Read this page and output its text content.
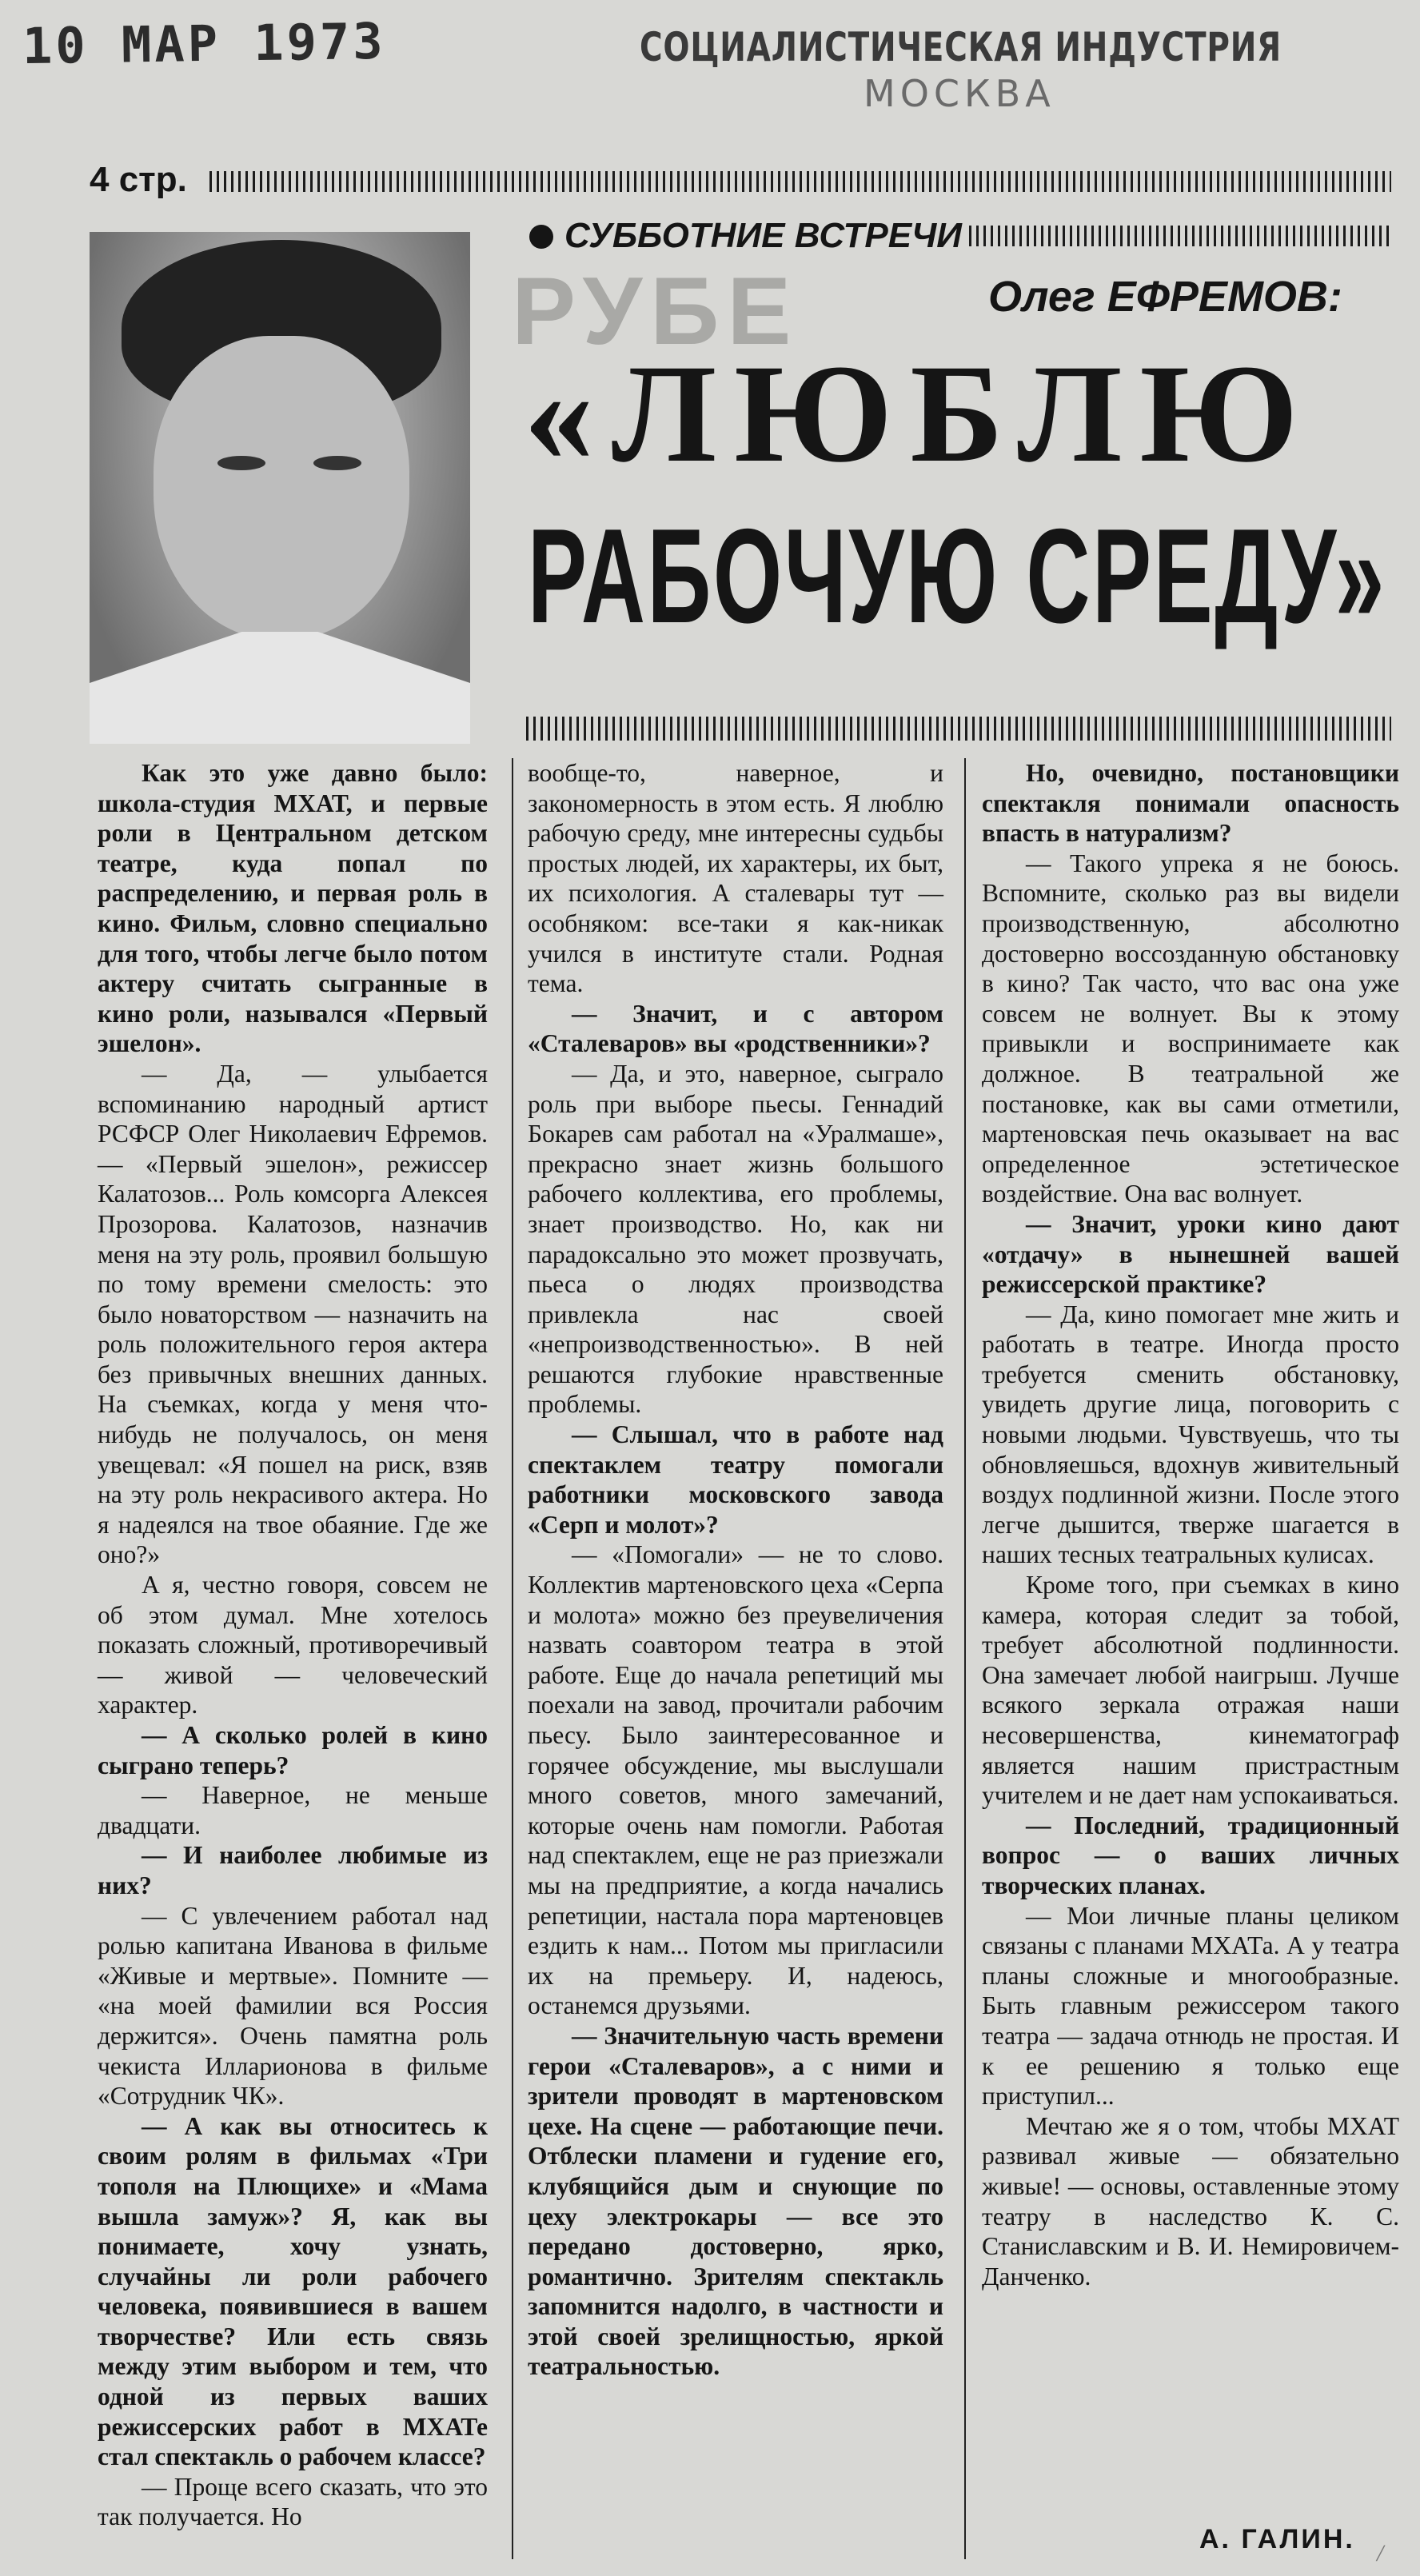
10 МАР 1973	СОЦИАЛИСТИЧЕСКАЯ ИНДУСТРИЯ
МОСКВА
4 стр.
РУБЕ
СУББОТНИЕ ВСТРЕЧИ
Олег ЕФРЕМОВ:
«ЛЮБЛЮ
РАБОЧУЮ СРЕДУ»

Как это уже давно было: школа-студия МХАТ, и первые роли в Центральном детском театре, куда попал по распределению, и первая роль в кино. Фильм, словно специально для того, чтобы легче было потом актеру считать сыгранные в кино роли, назывался «Первый эшелон».

— Да, — улыбается вспоминанию народный артист РСФСР Олег Николаевич Ефремов. — «Первый эшелон», режиссер Калатозов... Роль комсорга Алексея Прозорова. Калатозов, назначив меня на эту роль, проявил большую по тому времени смелость: это было новаторством — назначить на роль положительного героя актера без привычных внешних данных. На съемках, когда у меня что-нибудь не получалось, он меня увещевал: «Я пошел на риск, взяв на эту роль некрасивого актера. Но я надеялся на твое обаяние. Где же оно?»

А я, честно говоря, совсем не об этом думал. Мне хотелось показать сложный, противоречивый — живой — человеческий характер.

— А сколько ролей в кино сыграно теперь?

— Наверное, не меньше двадцати.

— И наиболее любимые из них?

— С увлечением работал над ролью капитана Иванова в фильме «Живые и мертвые». Помните — «на моей фамилии вся Россия держится». Очень памятна роль чекиста Илларионова в фильме «Сотрудник ЧК».

— А как вы относитесь к своим ролям в фильмах «Три тополя на Плющихе» и «Мама вышла замуж»? Я, как вы понимаете, хочу узнать, случайны ли роли рабочего человека, появившиеся в вашем творчестве? Или есть связь между этим выбором и тем, что одной из первых ваших режиссерских работ в МХАТе стал спектакль о рабочем классе?

— Проще всего сказать, что это так получается. Но

вообще-то, наверное, и закономерность в этом есть. Я люблю рабочую среду, мне интересны судьбы простых людей, их характеры, их быт, их психология. А сталевары тут — особняком: все-таки я как-никак учился в институте стали. Родная тема.

— Значит, и с автором «Сталеваров» вы «родственники»?

— Да, и это, наверное, сыграло роль при выборе пьесы. Геннадий Бокарев сам работал на «Уралмаше», прекрасно знает жизнь большого рабочего коллектива, его проблемы, знает производство. Но, как ни парадоксально это может прозвучать, пьеса о людях производства привлекла нас своей «непроизводственностью». В ней решаются глубокие нравственные проблемы.

— Слышал, что в работе над спектаклем театру помогали работники московского завода «Серп и молот»?

— «Помогали» — не то слово. Коллектив мартеновского цеха «Серпа и молота» можно без преувеличения назвать соавтором театра в этой работе. Еще до начала репетиций мы поехали на завод, прочитали рабочим пьесу. Было заинтересованное и горячее обсуждение, мы выслушали много советов, много замечаний, которые очень нам помогли. Работая над спектаклем, еще не раз приезжали мы на предприятие, а когда начались репетиции, настала пора мартеновцев ездить к нам... Потом мы пригласили их на премьеру. И, надеюсь, останемся друзьями.

— Значительную часть времени герои «Сталеваров», а с ними и зрители проводят в мартеновском цехе. На сцене — работающие печи. Отблески пламени и гудение его, клубящийся дым и снующие по цеху электрокары — все это передано достоверно, ярко, романтично. Зрителям спектакль запомнится надолго, в частности и этой своей зрелищностью, яркой театральностью.

Но, очевидно, постановщики спектакля понимали опасность впасть в натурализм?

— Такого упрека я не боюсь. Вспомните, сколько раз вы видели производственную, абсолютно достоверно воссозданную обстановку в кино? Так часто, что вас она уже совсем не волнует. Вы к этому привыкли и воспринимаете как должное. В театральной же постановке, как вы сами отметили, мартеновская печь оказывает на вас определенное эстетическое воздействие. Она вас волнует.

— Значит, уроки кино дают «отдачу» в нынешней вашей режиссерской практике?

— Да, кино помогает мне жить и работать в театре. Иногда просто требуется сменить обстановку, увидеть другие лица, поговорить с новыми людьми. Чувствуешь, что ты обновляешься, вдохнув живительный воздух подлинной жизни. После этого легче дышится, тверже шагается в наших тесных театральных кулисах.

Кроме того, при съемках в кино камера, которая следит за тобой, требует абсолютной подлинности. Она замечает любой наигрыш. Лучше всякого зеркала отражая наши несовершенства, кинематограф является нашим пристрастным учителем и не дает нам успокаиваться.

— Последний, традиционный вопрос — о ваших личных творческих планах.

— Мои личные планы целиком связаны с планами МХАТа. А у театра планы сложные и многообразные. Быть главным режиссером такого театра — задача отнюдь не простая. И к ее решению я только еще приступил...

Мечтаю же я о том, чтобы МХАТ развивал живые — обязательно живые! — основы, оставленные этому театру в наследство К. С. Станиславским и В. И. Немировичем-Данченко.

А. ГАЛИН. /
